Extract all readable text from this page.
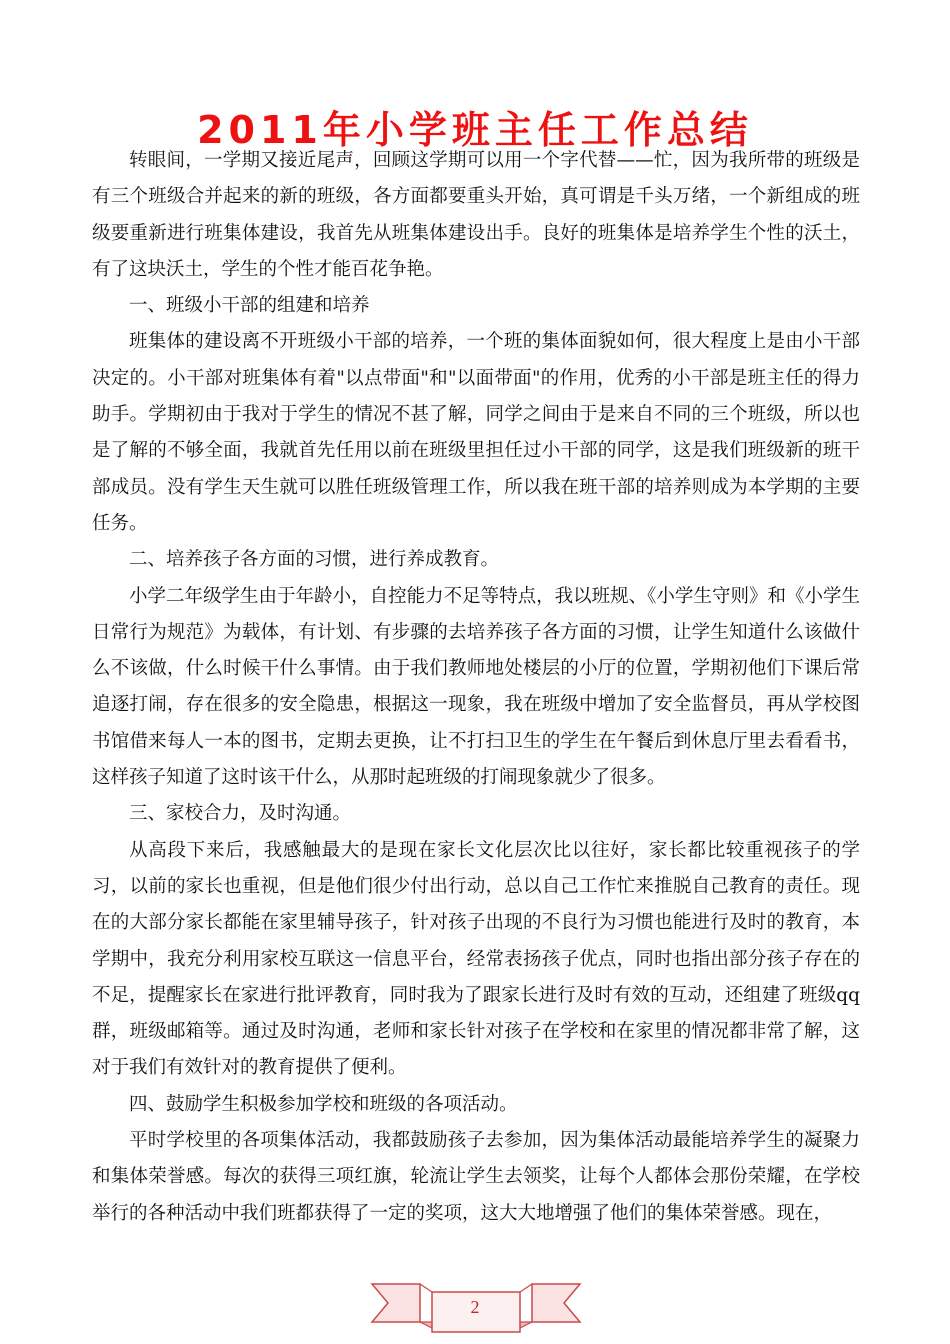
2011年小学班主任工作总结

转眼间，一学期又接近尾声，回顾这学期可以用一个字代替——忙，因为我所带的班级是有三个班级合并起来的新的班级，各方面都要重头开始，真可谓是千头万绪，一个新组成的班级要重新进行班集体建设，我首先从班集体建设出手。良好的班集体是培养学生个性的沃土，有了这块沃土，学生的个性才能百花争艳。

一、班级小干部的组建和培养

班集体的建设离不开班级小干部的培养，一个班的集体面貌如何，很大程度上是由小干部决定的。小干部对班集体有着"以点带面"和"以面带面"的作用，优秀的小干部是班主任的得力助手。学期初由于我对于学生的情况不甚了解，同学之间由于是来自不同的三个班级，所以也是了解的不够全面，我就首先任用以前在班级里担任过小干部的同学，这是我们班级新的班干部成员。没有学生天生就可以胜任班级管理工作，所以我在班干部的培养则成为本学期的主要任务。

二、培养孩子各方面的习惯，进行养成教育。

小学二年级学生由于年龄小，自控能力不足等特点，我以班规、《小学生守则》和《小学生日常行为规范》为载体，有计划、有步骤的去培养孩子各方面的习惯，让学生知道什么该做什么不该做，什么时候干什么事情。由于我们教师地处楼层的小厅的位置，学期初他们下课后常追逐打闹，存在很多的安全隐患，根据这一现象，我在班级中增加了安全监督员，再从学校图书馆借来每人一本的图书，定期去更换，让不打扫卫生的学生在午餐后到休息厅里去看看书，这样孩子知道了这时该干什么，从那时起班级的打闹现象就少了很多。

三、家校合力，及时沟通。

从高段下来后，我感触最大的是现在家长文化层次比以往好，家长都比较重视孩子的学习，以前的家长也重视，但是他们很少付出行动，总以自己工作忙来推脱自己教育的责任。现在的大部分家长都能在家里辅导孩子，针对孩子出现的不良行为习惯也能进行及时的教育，本学期中，我充分利用家校互联这一信息平台，经常表扬孩子优点，同时也指出部分孩子存在的不足，提醒家长在家进行批评教育，同时我为了跟家长进行及时有效的互动，还组建了班级qq群，班级邮箱等。通过及时沟通，老师和家长针对孩子在学校和在家里的情况都非常了解，这对于我们有效针对的教育提供了便利。

四、鼓励学生积极参加学校和班级的各项活动。

平时学校里的各项集体活动，我都鼓励孩子去参加，因为集体活动最能培养学生的凝聚力和集体荣誉感。每次的获得三项红旗，轮流让学生去领奖，让每个人都体会那份荣耀，在学校举行的各种活动中我们班都获得了一定的奖项，这大大地增强了他们的集体荣誉感。现在，

2
